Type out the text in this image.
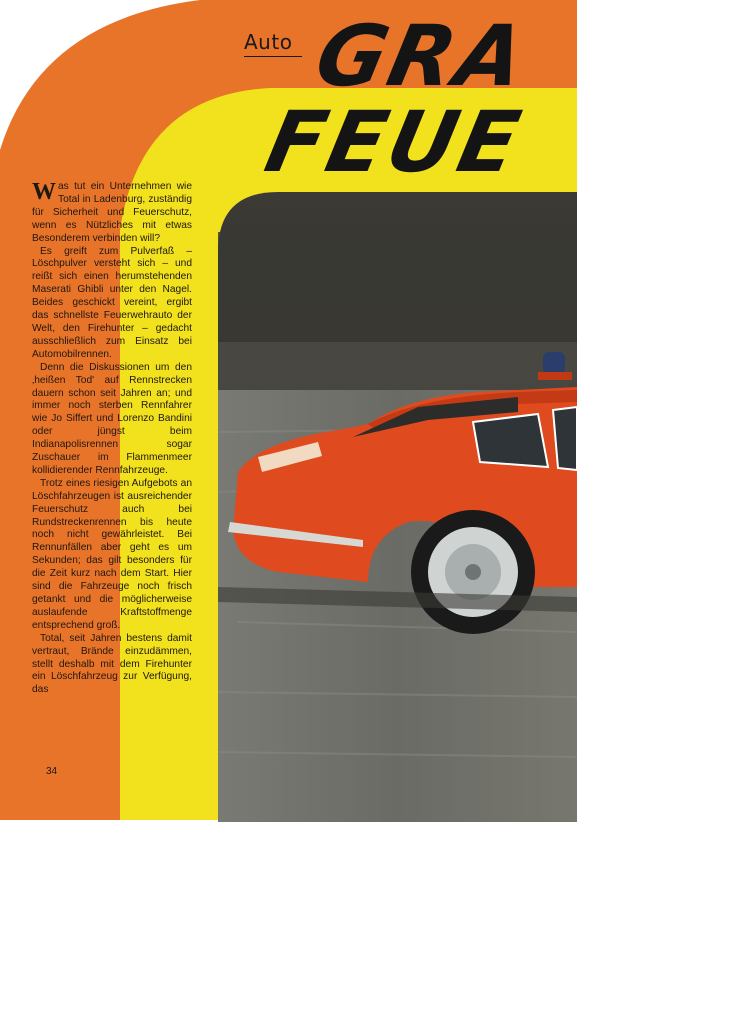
Auto GRA
FEUE

Was tut ein Unternehmen wie Total in Ladenburg, zuständig für Sicherheit und Feuerschutz, wenn es Nützliches mit etwas Besonderem verbinden will?

Es greift zum Pulverfaß – Löschpulver versteht sich – und reißt sich einen herumstehenden Maserati Ghibli unter den Nagel. Beides geschickt vereint, ergibt das schnellste Feuerwehrauto der Welt, den Firehunter – gedacht ausschließlich zum Einsatz bei Automobilrennen.

Denn die Diskussionen um den ‚heißen Tod' auf Rennstrecken dauern schon seit Jahren an; und immer noch sterben Rennfahrer wie Jo Siffert und Lorenzo Bandini oder jüngst beim Indianapolisrennen sogar Zuschauer im Flammenmeer kollidierender Rennfahrzeuge.

Trotz eines riesigen Aufgebots an Löschfahrzeugen ist ausreichender Feuerschutz auch bei Rundstreckenrennen bis heute noch nicht gewährleistet. Bei Rennunfällen aber geht es um Sekunden; das gilt besonders für die Zeit kurz nach dem Start. Hier sind die Fahrzeuge noch frisch getankt und die möglicherweise auslaufende Kraftstoffmenge entsprechend groß.

Total, seit Jahren bestens damit vertraut, Brände einzudämmen, stellt deshalb mit dem Firehunter ein Löschfahrzeug zur Verfügung, das

34
